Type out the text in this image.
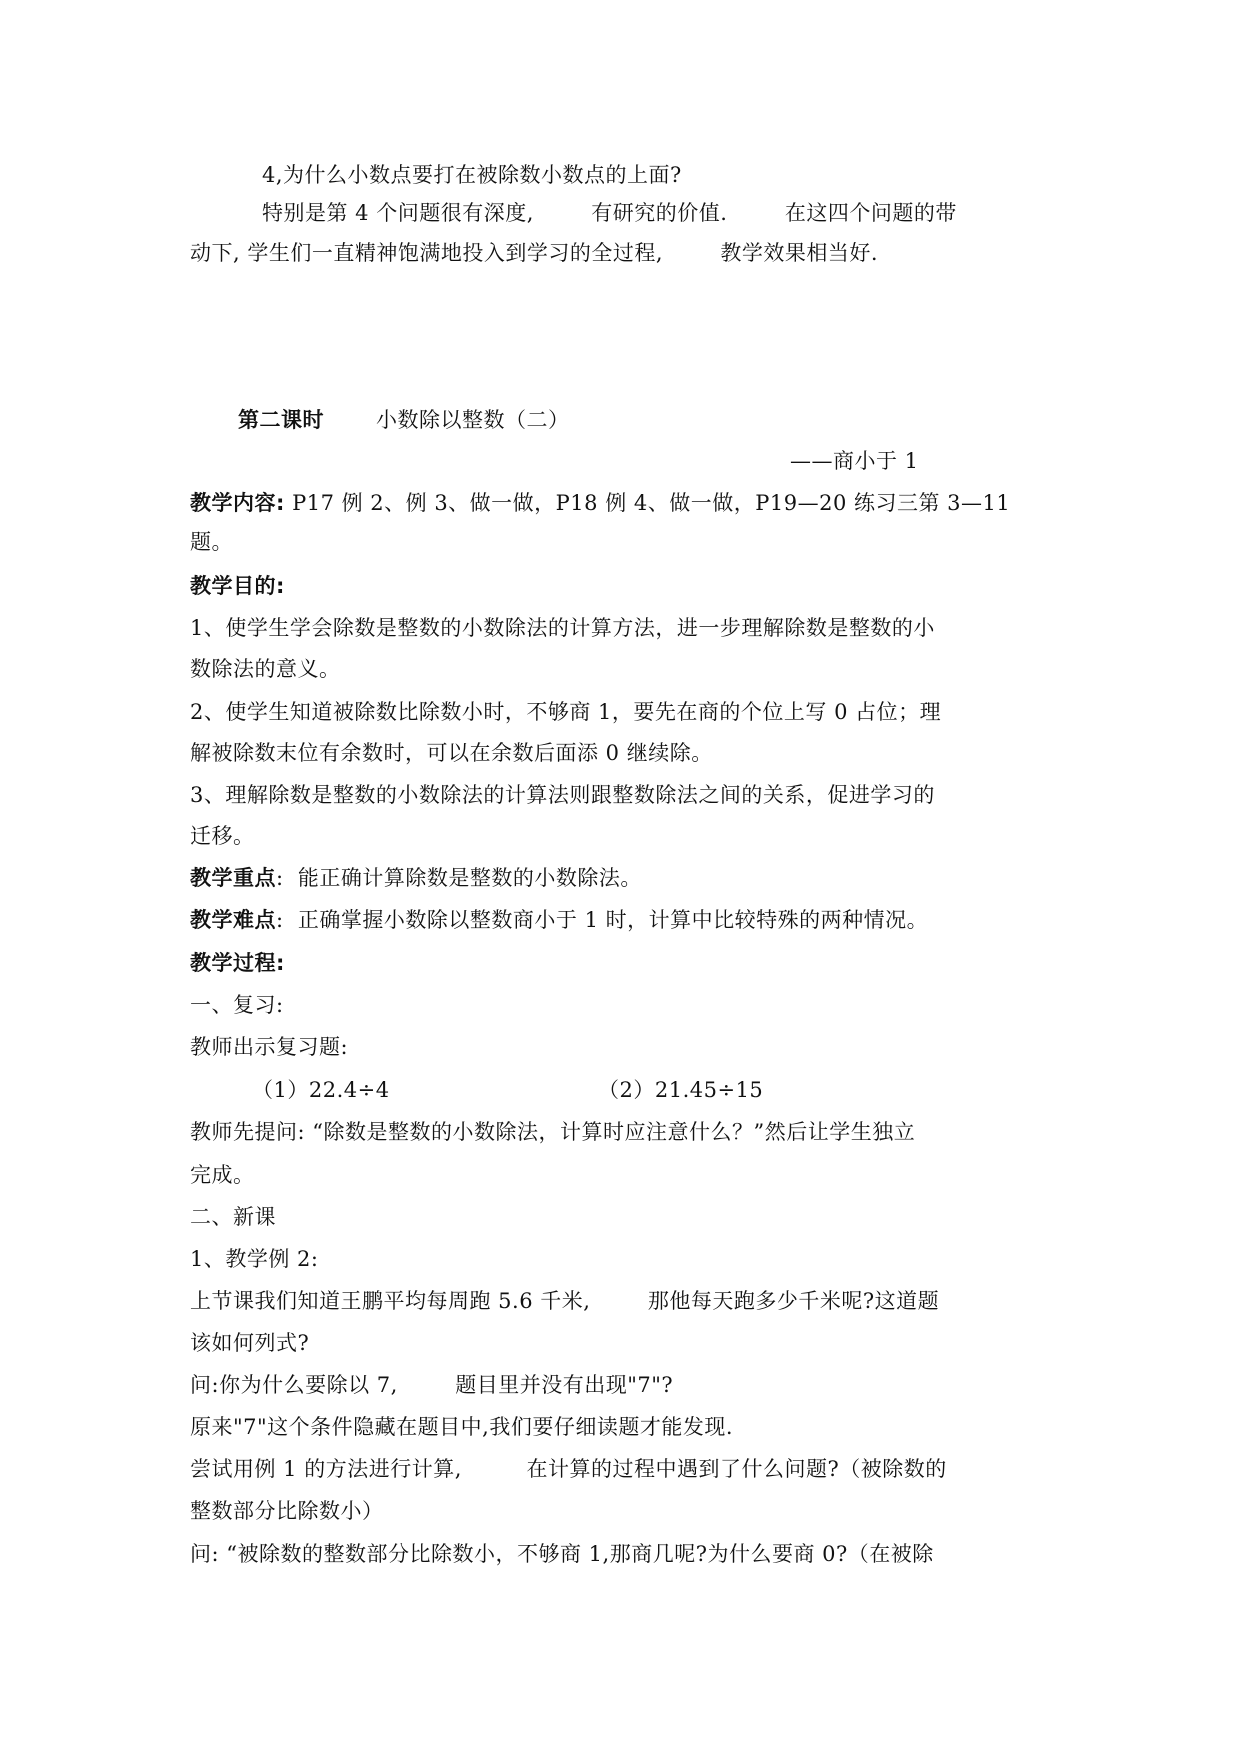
4,为什么小数点要打在被除数小数点的上面?
特别是第 4 个问题很有深度,        有研究的价值.        在这四个问题的带
动下, 学生们一直精神饱满地投入到学习的全过程,        教学效果相当好.
第二课时 小数除以整数（二）
——商小于 1
教学内容: P17 例 2、例 3、做一做，P18 例 4、做一做，P19—20 练习三第 3—11
题。
教学目的:
1、使学生学会除数是整数的小数除法的计算方法，进一步理解除数是整数的小
数除法的意义。
2、使学生知道被除数比除数小时，不够商 1，要先在商的个位上写 0 占位；理
解被除数末位有余数时，可以在余数后面添 0 继续除。
3、理解除数是整数的小数除法的计算法则跟整数除法之间的关系，促进学习的
迁移。
教学重点:  能正确计算除数是整数的小数除法。
教学难点:  正确掌握小数除以整数商小于 1 时，计算中比较特殊的两种情况。
教学过程:
一、复习:
教师出示复习题:
（1）22.4÷4	（2）21.45÷15
教师先提问: “除数是整数的小数除法，计算时应注意什么？”然后让学生独立
完成。
二、新课
1、教学例 2:
上节课我们知道王鹏平均每周跑 5.6 千米,        那他每天跑多少千米呢?这道题
该如何列式?
问:你为什么要除以 7,        题目里并没有出现"7"?
原来"7"这个条件隐藏在题目中,我们要仔细读题才能发现.
尝试用例 1 的方法进行计算,         在计算的过程中遇到了什么问题?（被除数的
整数部分比除数小）
问: “被除数的整数部分比除数小，不够商 1,那商几呢?为什么要商 0?（在被除
